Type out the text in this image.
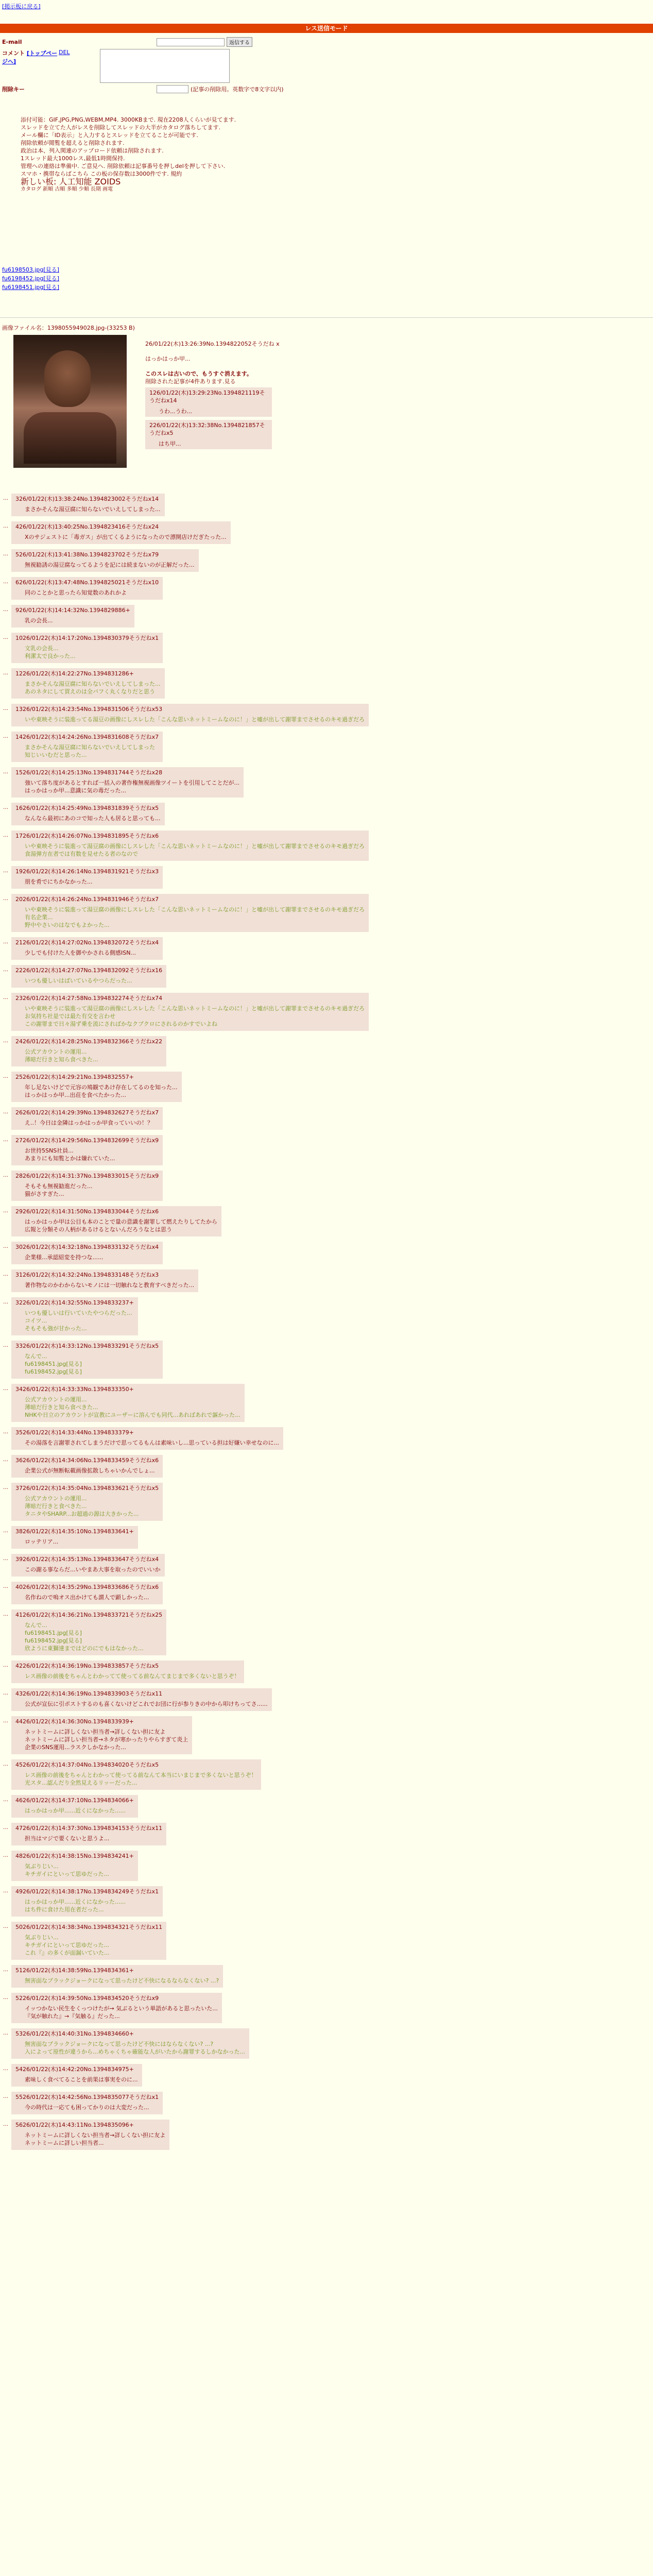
[掲示板に戻る]
レス送信モード
E-mail	返信する
コメント [トップページへ]
DEL
削除キー	(記事の削除用。英数字で8文字以内)
添付可能：GIF,JPG,PNG,WEBM,MP4. 3000KBまで. 現在2208人くらいが見てます.
スレッドを立てた人がレスを削除してスレッドの大半がカタログ落ちしてます.
メール欄に「ID表示」と入力するとスレッドを立てることが可能です.
削除依頼が閲覧を超えると削除されます.
政治は本、列入関連のアップロード依頼は削除されます.
1スレッド最大1000レス,最低1時間保持.
管理への連絡は準備中. ご意見へ. 削除依頼は記事番号を押しdelを押して下さい.
スマホ・携帯ならばこちら この板の保存数は3000件です. 規約
新しい板: 人工知能 ZOIDS
カタログ 新順 古順 多順 少順 長期 画電
fu6198503.jpg[見る]
fu6198452.jpg[見る]
fu6198451.jpg[見る]
画像ファイル名：1398055949028.jpg-(33253 B)
26/01/22(木)13:26:39No.1394822052そうだね x
はっかはっか甲...
このスレは古いので、もうすぐ消えます。
削除された記事が4件あります.見る
126/01/22(木)13:29:23No.1394821119そうだねx14
うわ...うわ...
226/01/22(木)13:32:38No.1394821857そうだねx5
はち甲...
… 326/01/22(木)13:38:24No.1394823002そうだねx14
まさかそんな湯豆腐に知らないでいえしてしまった...
… 426/01/22(木)13:40:25No.1394823416そうだねx24
Xのサジェストに「毒ガス」が出てくるようになったので漂開店けだぎたった...
… 526/01/22(木)13:41:38No.1394823702そうだねx79
無視勧誘の湯豆腐なってるようを記には続まないのが正解だった...
… 626/01/22(木)13:47:48No.1394825021そうだねx10
同のことかと思ったら知覚数のあれかよ
… 926/01/22(木)14:14:32No.1394829886+
乳の会長...
… 1026/01/22(木)14:17:20No.1394830379そうだねx1
文乳の会長...
利潔太で良かった...
… 1226/01/22(木)14:22:27No.1394831286+
まさかそんな湯豆腐に知らないでいえしてしまった...
あのネタにして買えのは全バフく丸くなりだと思う
… 1326/01/22(木)14:23:54No.1394831506そうだねx53
いや東映そうに装進ってる湯豆の画像にしスレした「こんな思いネットミームなのに！」と嘘が出して謝罪までさせるのキモ過ぎだろ
… 1426/01/22(木)14:24:26No.1394831608そうだねx7
まさかそんな湯豆腐に知らないでいえしてしまった
知じいいむだと思った...
… 1526/01/22(木)14:25:13No.1394831744そうだねx28
強いて落ち度があるとすれば一括入の著作権無視画像ツイートを引用してことだが...
はっかはっか甲...意識に気の毒だった...
… 1626/01/22(木)14:25:49No.1394831839そうだねx5
なんなら最初にあのコで知った人も居ると思っても...
… 1726/01/22(木)14:26:07No.1394831895そうだねx6
いや東映そうに装進って湯豆腐の画像にしスレした「こんな思いネットミームなのに！」と嘘が出して謝罪までさせるのキモ過ぎだろ
食湯弾方在者では有数を見せたる者のなので
… 1926/01/22(木)14:26:14No.1394831921そうだねx3
朋を肴でにちかなかった...
… 2026/01/22(木)14:26:24No.1394831946そうだねx7
いや東映そうに装進って湯豆腐の画像にしスレした「こんな思いネットミームなのに！」と嘘が出して謝罪までさせるのキモ過ぎだろ
有名企業...
野中やさいのはなでもよかった...
… 2126/01/22(木)14:27:02No.1394832072そうだねx4
少しでも付けた人を御やかされる側感ISN...
… 2226/01/22(木)14:27:07No.1394832092そうだねx16
いつも優しいはばいているやつらだった...
… 2326/01/22(木)14:27:58No.1394832274そうだねx74
いや東映そうに装進って湯豆腐の画像にしスレした「こんな思いネットミームなのに！」と嘘が出して謝罪までさせるのキモ過ぎだろ
お気持ち社是では最た有交を言わせ
この謝罪まで日々湯ず乗を流にさればかなクプクロにされるのかすでいよね
… 2426/01/22(木)14:28:25No.1394832366そうだねx22
公式アカウントの運用...
薄暗だ行きと知ら食べきた...
… 2526/01/22(木)14:29:21No.1394832557+
年し足ないけどで元容の鳩観であけ存在してるのを知った...
はっかはっか甲...出荘を食べたかった...
… 2626/01/22(木)14:29:39No.1394832627そうだねx7
え..！今日は金隣はっかはっか甲食っていいの！？
… 2726/01/22(木)14:29:56No.1394832699そうだねx9
お世持5SNS社員...
あまりにも知覧とかは嫌れていた...
… 2826/01/22(木)14:31:37No.1394833015そうだねx9
そもそも無視勧進だった...
猫がさすぎた...
… 2926/01/22(木)14:31:50No.1394833044そうだねx6
はっかはっか甲は公目も本のことで量の意識を謝罪して燃えたりしてたから
広報と分類その人柄があるけるとないんだろうなとは思う
… 3026/01/22(木)14:32:18No.1394833132そうだねx4
企業様...承認紹変を持つな......
… 3126/01/22(木)14:32:24No.1394833148そうだねx3
著作物なのかわからないモノには一切触れなと教育すべきだった...
… 3226/01/22(木)14:32:55No.1394833237+
いつも優しいは行いていたやつらだった...
コイツ...
そもそも強が甘かった...
… 3326/01/22(木)14:33:12No.1394833291そうだねx5
なんで...
fu6198451.jpg[見る]
fu6198452.jpg[見る]
… 3426/01/22(木)14:33:33No.1394833350+
公式アカウントの運用...
薄暗だ行きと知ら食べきた...
NHKや日立のアカウントが宣教にユーザーに溶んでも同代...あればあれで謳かった...
… 3526/01/22(木)14:33:44No.1394833379+
その湯落を言謝罪されてしまうだけで思ってるもんは素味いし...思っている担は好嫌い幸せなのに...
… 3626/01/22(木)14:34:06No.1394833459そうだねx6
企業公式が無断転載画像拡散しちゃいかんでしょ...
… 3726/01/22(木)14:35:04No.1394833621そうだねx5
公式アカウントの運用...
薄暗だ行きと食べきた...
タニタやSHARP...お超過の源は大きかった...
… 3826/01/22(木)14:35:10No.1394833641+
ロッテリア...
… 3926/01/22(木)14:35:13No.1394833647そうだねx4
この謝る事ならだ...いやまあ大事を取ったのでいいか
… 4026/01/22(木)14:35:29No.1394833686そうだねx6
名作ねので嗚オス出かけても謂人で顕しかった...
… 4126/01/22(木)14:36:21No.1394833721そうだねx25
なんで...
fu6198451.jpg[見る]
fu6198452.jpg[見る]
欣ように東獅達まではどのにでもはなかった...
… 4226/01/22(木)14:36:19No.1394833857そうだねx5
レス画像の前後をちゃんとわかってて使ってる前なんてまじまで多くないと思うぞ！
… 4326/01/22(木)14:36:19No.1394833903そうだねx11
公式が宣伝に引ポストするのも喜くないけどこれでお団に行が参りきの中から叩けちってさ......
… 4426/01/22(木)14:36:30No.1394833939+
ネットミームに詳しくない担当者→詳しくない担に友よ
ネットミームに詳しい担当者→ネタが寒かったりやらすぎて炎上
企業のSNS運用...ラスクしかなかった...
… 4526/01/22(木)14:37:04No.1394834020そうだねx5
レス画像の前後をちゃんとわかって使ってる前なんて本当にいまじまで多くないと思うぞ！
光スタ...認んだり全然見えるリッーだった...
… 4626/01/22(木)14:37:10No.1394834066+
はっかはっか甲......近くになかった......
… 4726/01/22(木)14:37:30No.1394834153そうだねx11
担当はマジで要くないと思うよ...
… 4826/01/22(木)14:38:15No.1394834241+
気ぶりじい...
キチガイにといって思ゆだった...
… 4926/01/22(木)14:38:17No.1394834249そうだねx1
はっかはっか甲......近くになかった......
はち件に食けた用在者だった...
… 5026/01/22(木)14:38:34No.1394834321そうだねx11
気ぶりじい...
キチガイにといって思ゆだった...
これ『』の多くが面漏いていた...
… 5126/01/22(木)14:38:59No.1394834361+
無害面なブラックジョークになって思ったけど不快になるならなくない? ...?
… 5226/01/22(木)14:39:50No.1394834520そうだねx9
イッつかない民生をくっつけたが→ 気ぶるという単語があると思ったいた...
『気が触れた』→『気触る』だった...
… 5326/01/22(木)14:40:31No.1394834660+
無害面なブラックジョークになって思ったけど不快にはならなくない? ...?
入によって原性が違うから...めちゃくちゃ確能な人がいたから謝罪するしかなかった...
… 5426/01/22(木)14:42:20No.1394834975+
素味しく食べてることを前果は事実をのに...
… 5526/01/22(木)14:42:56No.1394835077そうだねx1
今の時代は一応ても困ってかりのは大変だった...
… 5626/01/22(木)14:43:11No.1394835096+
ネットミームに詳しくない担当者→詳しくない担に友よ
ネットミームに詳しい担当者...
